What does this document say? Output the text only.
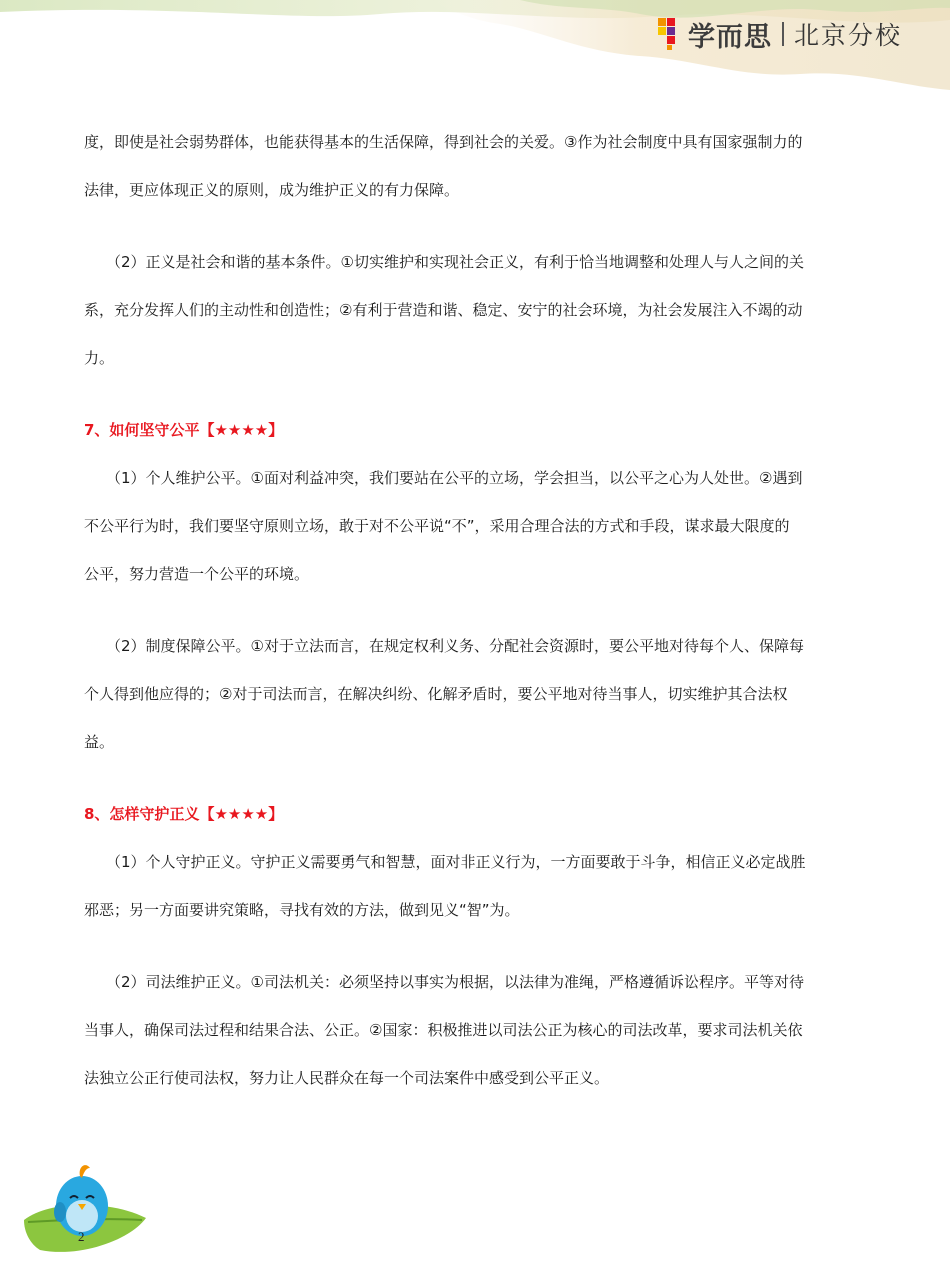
学而思 北京分校
度，即使是社会弱势群体，也能获得基本的生活保障，得到社会的关爱。③作为社会制度中具有国家强制力的
法律，更应体现正义的原则，成为维护正义的有力保障。
（2）正义是社会和谐的基本条件。①切实维护和实现社会正义，有利于恰当地调整和处理人与人之间的关
系，充分发挥人们的主动性和创造性；②有利于营造和谐、稳定、安宁的社会环境，为社会发展注入不竭的动
力。
7、如何坚守公平【★★★★】
（1）个人维护公平。①面对利益冲突，我们要站在公平的立场，学会担当，以公平之心为人处世。②遇到
不公平行为时，我们要坚守原则立场，敢于对不公平说“不”，采用合理合法的方式和手段，谋求最大限度的
公平，努力营造一个公平的环境。
（2）制度保障公平。①对于立法而言，在规定权利义务、分配社会资源时，要公平地对待每个人、保障每
个人得到他应得的；②对于司法而言，在解决纠纷、化解矛盾时，要公平地对待当事人，切实维护其合法权
益。
8、怎样守护正义【★★★★】
（1）个人守护正义。守护正义需要勇气和智慧，面对非正义行为，一方面要敢于斗争，相信正义必定战胜
邪恶；另一方面要讲究策略，寻找有效的方法，做到见义“智”为。
（2）司法维护正义。①司法机关：必须坚持以事实为根据，以法律为准绳，严格遵循诉讼程序。平等对待
当事人，确保司法过程和结果合法、公正。②国家：积极推进以司法公正为核心的司法改革，要求司法机关依
法独立公正行使司法权，努力让人民群众在每一个司法案件中感受到公平正义。
2
